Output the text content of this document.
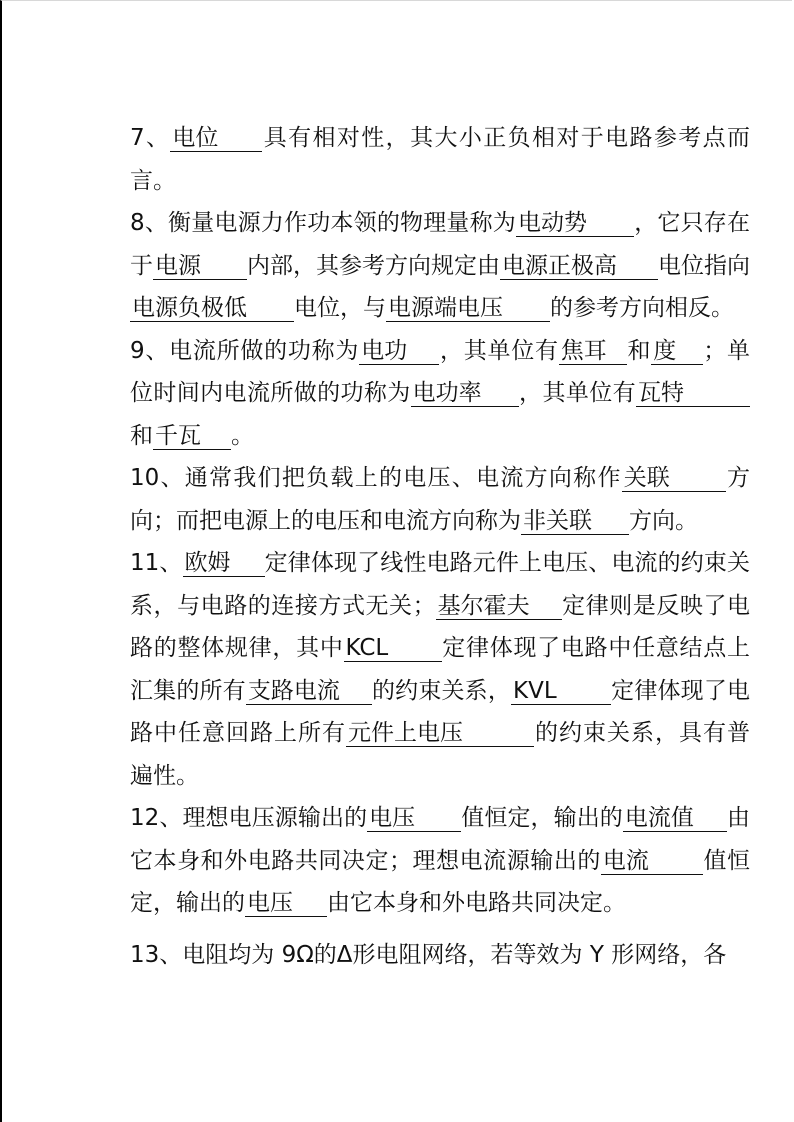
7、电位 具有相对性，其大小正负相对于电路参考点而言。

8、衡量电源力作功本领的物理量称为电动势 ，它只存在于电源 内部，其参考方向规定由电源正极高 电位指向电源负极低 电位，与电源端电压 的参考方向相反。

9、电流所做的功称为电功 ，其单位有焦耳 和度 ；单位时间内电流所做的功称为电功率 ，其单位有瓦特和千瓦 。

10、通常我们把负载上的电压、电流方向称作关联 方向；而把电源上的电压和电流方向称为非关联 方向。

11、欧姆 定律体现了线性电路元件上电压、电流的约束关系，与电路的连接方式无关；基尔霍夫 定律则是反映了电路的整体规律，其中KCL 定律体现了电路中任意结点上汇集的所有支路电流 的约束关系，KVL 定律体现了电路中任意回路上所有元件上电压	的约束关系，具有普遍性。

12、理想电压源输出的电压 值恒定，输出的电流值 由它本身和外电路共同决定；理想电流源输出的电流 值恒定，输出的电压 由它本身和外电路共同决定。

13、电阻均为 9Ω的Δ形电阻网络，若等效为 Y 形网络，各
